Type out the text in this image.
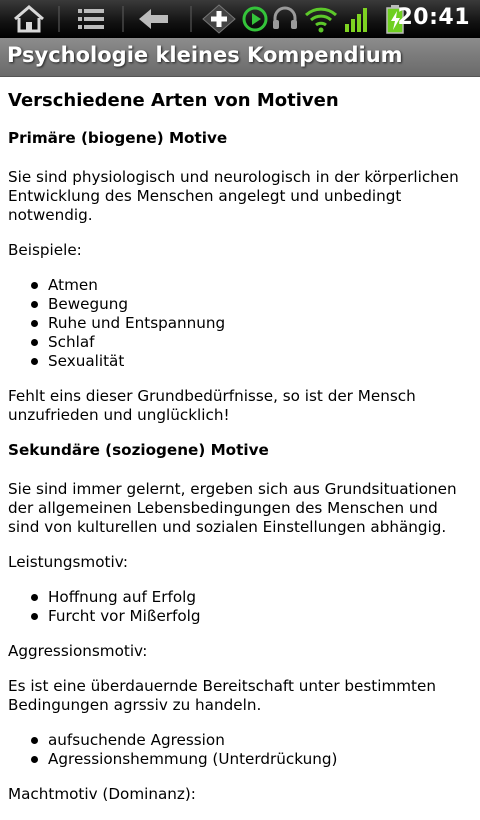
20:41
Psychologie kleines Kompendium
Verschiedene Arten von Motiven
Primäre (biogene) Motive

Sie sind physiologisch und neurologisch in der körperlichen Entwicklung des Menschen angelegt und unbedingt notwendig.

Beispiele:

Atmen
Bewegung
Ruhe und Entspannung
Schlaf
Sexualität

Fehlt eins dieser Grundbedürfnisse, so ist der Mensch unzufrieden und unglücklich!

Sekundäre (soziogene) Motive

Sie sind immer gelernt, ergeben sich aus Grundsituationen der allgemeinen Lebensbedingungen des Menschen und sind von kulturellen und sozialen Einstellungen abhängig.

Leistungsmotiv:

Hoffnung auf Erfolg
Furcht vor Mißerfolg

Aggressionsmotiv:

Es ist eine überdauernde Bereitschaft unter bestimmten Bedingungen agrssiv zu handeln.

aufsuchende Agression
Agressionshemmung (Unterdrückung)

Machtmotiv (Dominanz):
